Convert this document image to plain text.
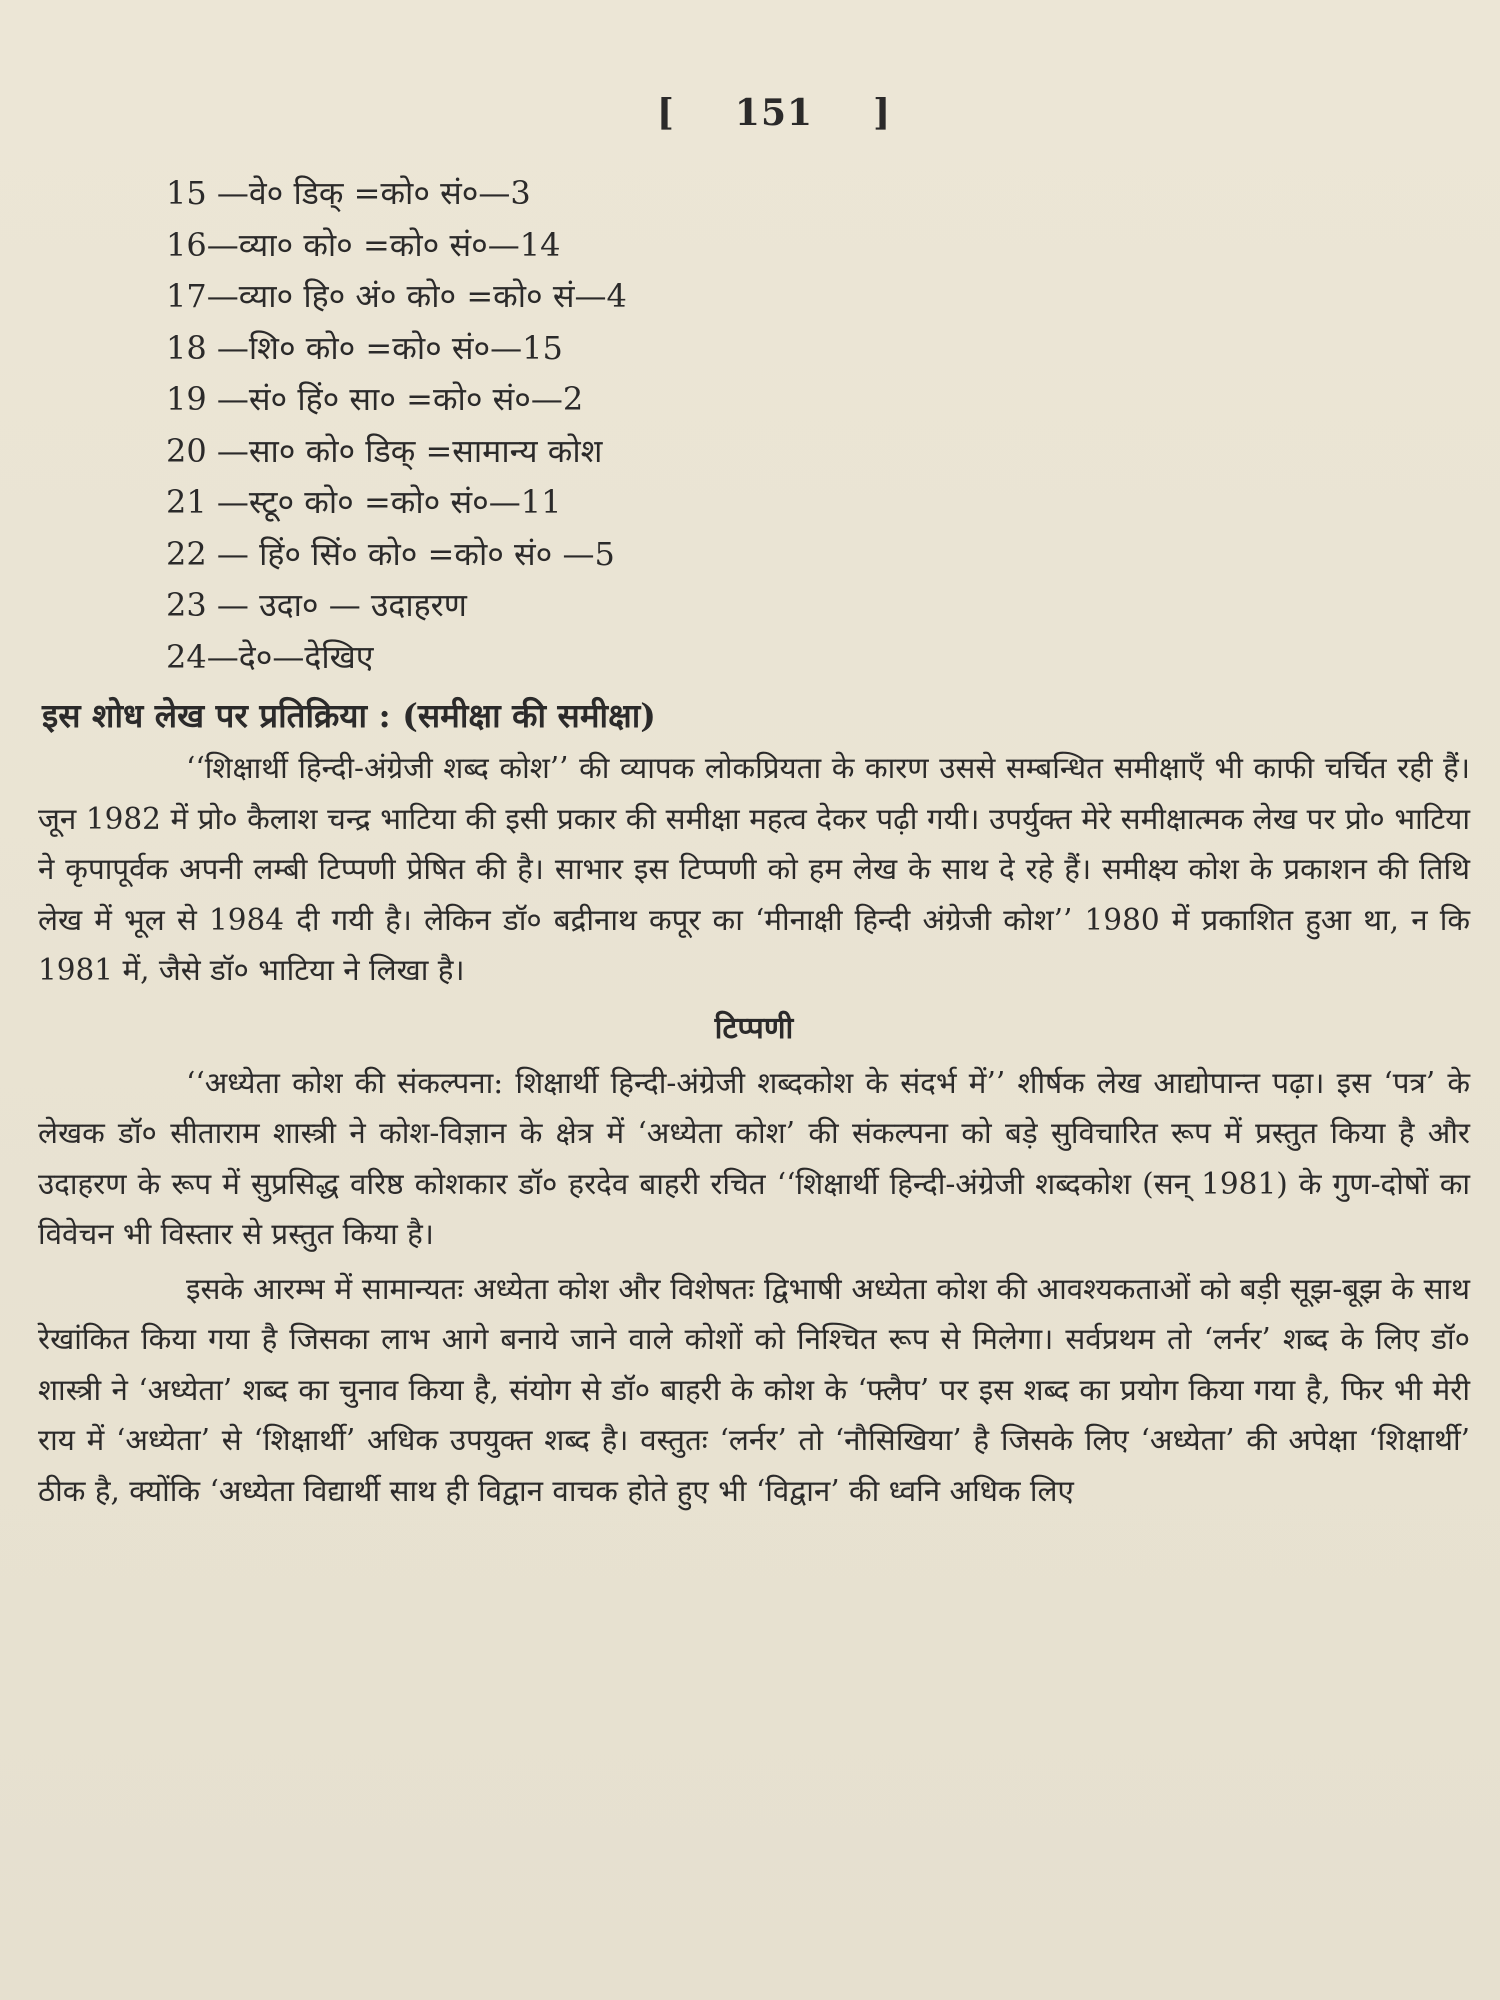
[ 151 ]
15 —वे० डिक् =को० सं०—3
16—व्या० को० =को० सं०—14
17—व्या० हि० अं० को० =को० सं—4
18 —शि० को० =को० सं०—15
19 —सं० हिं० सा० =को० सं०—2
20 —सा० को० डिक् =सामान्य कोश
21 —स्टू० को० =को० सं०—11
22 — हिं० सिं० को० =को० सं० —5
23 — उदा० — उदाहरण
24—दे०—देखिए
इस शोध लेख पर प्रतिक्रिया : (समीक्षा की समीक्षा)

‘‘शिक्षार्थी हिन्दी-अंग्रेजी शब्द कोश’’ की व्यापक लोकप्रियता के कारण उससे सम्बन्धित समीक्षाएँ भी काफी चर्चित रही हैं। जून 1982 में प्रो० कैलाश चन्द्र भाटिया की इसी प्रकार की समीक्षा महत्व देकर पढ़ी गयी। उपर्युक्त मेरे समीक्षात्मक लेख पर प्रो० भाटिया ने कृपापूर्वक अपनी लम्बी टिप्पणी प्रेषित की है। साभार इस टिप्पणी को हम लेख के साथ दे रहे हैं। समीक्ष्य कोश के प्रकाशन की तिथि लेख में भूल से 1984 दी गयी है। लेकिन डॉ० बद्रीनाथ कपूर का ‘मीनाक्षी हिन्दी अंग्रेजी कोश’’ 1980 में प्रकाशित हुआ था, न कि 1981 में, जैसे डॉ० भाटिया ने लिखा है।

टिप्पणी

‘‘अध्येता कोश की संकल्पना: शिक्षार्थी हिन्दी-अंग्रेजी शब्दकोश के संदर्भ में’’ शीर्षक लेख आद्योपान्त पढ़ा। इस ‘पत्र’ के लेखक डॉ० सीताराम शास्त्री ने कोश-विज्ञान के क्षेत्र में ‘अध्येता कोश’ की संकल्पना को बड़े सुविचारित रूप में प्रस्तुत किया है और उदाहरण के रूप में सुप्रसिद्ध वरिष्ठ कोशकार डॉ० हरदेव बाहरी रचित ‘‘शिक्षार्थी हिन्दी-अंग्रेजी शब्दकोश (सन् 1981) के गुण-दोषों का विवेचन भी विस्तार से प्रस्तुत किया है।

इसके आरम्भ में सामान्यतः अध्येता कोश और विशेषतः द्विभाषी अध्येता कोश की आवश्यकताओं को बड़ी सूझ-बूझ के साथ रेखांकित किया गया है जिसका लाभ आगे बनाये जाने वाले कोशों को निश्चित रूप से मिलेगा। सर्वप्रथम तो ‘लर्नर’ शब्द के लिए डॉ० शास्त्री ने ‘अध्येता’ शब्द का चुनाव किया है, संयोग से डॉ० बाहरी के कोश के ‘फ्लैप’ पर इस शब्द का प्रयोग किया गया है, फिर भी मेरी राय में ‘अध्येता’ से ‘शिक्षार्थी’ अधिक उपयुक्त शब्द है। वस्तुतः ‘लर्नर’ तो ‘नौसिखिया’ है जिसके लिए ‘अध्येता’ की अपेक्षा ‘शिक्षार्थी’ ठीक है, क्योंकि ‘अध्येता विद्यार्थी साथ ही विद्वान वाचक होते हुए भी ‘विद्वान’ की ध्वनि अधिक लिए
